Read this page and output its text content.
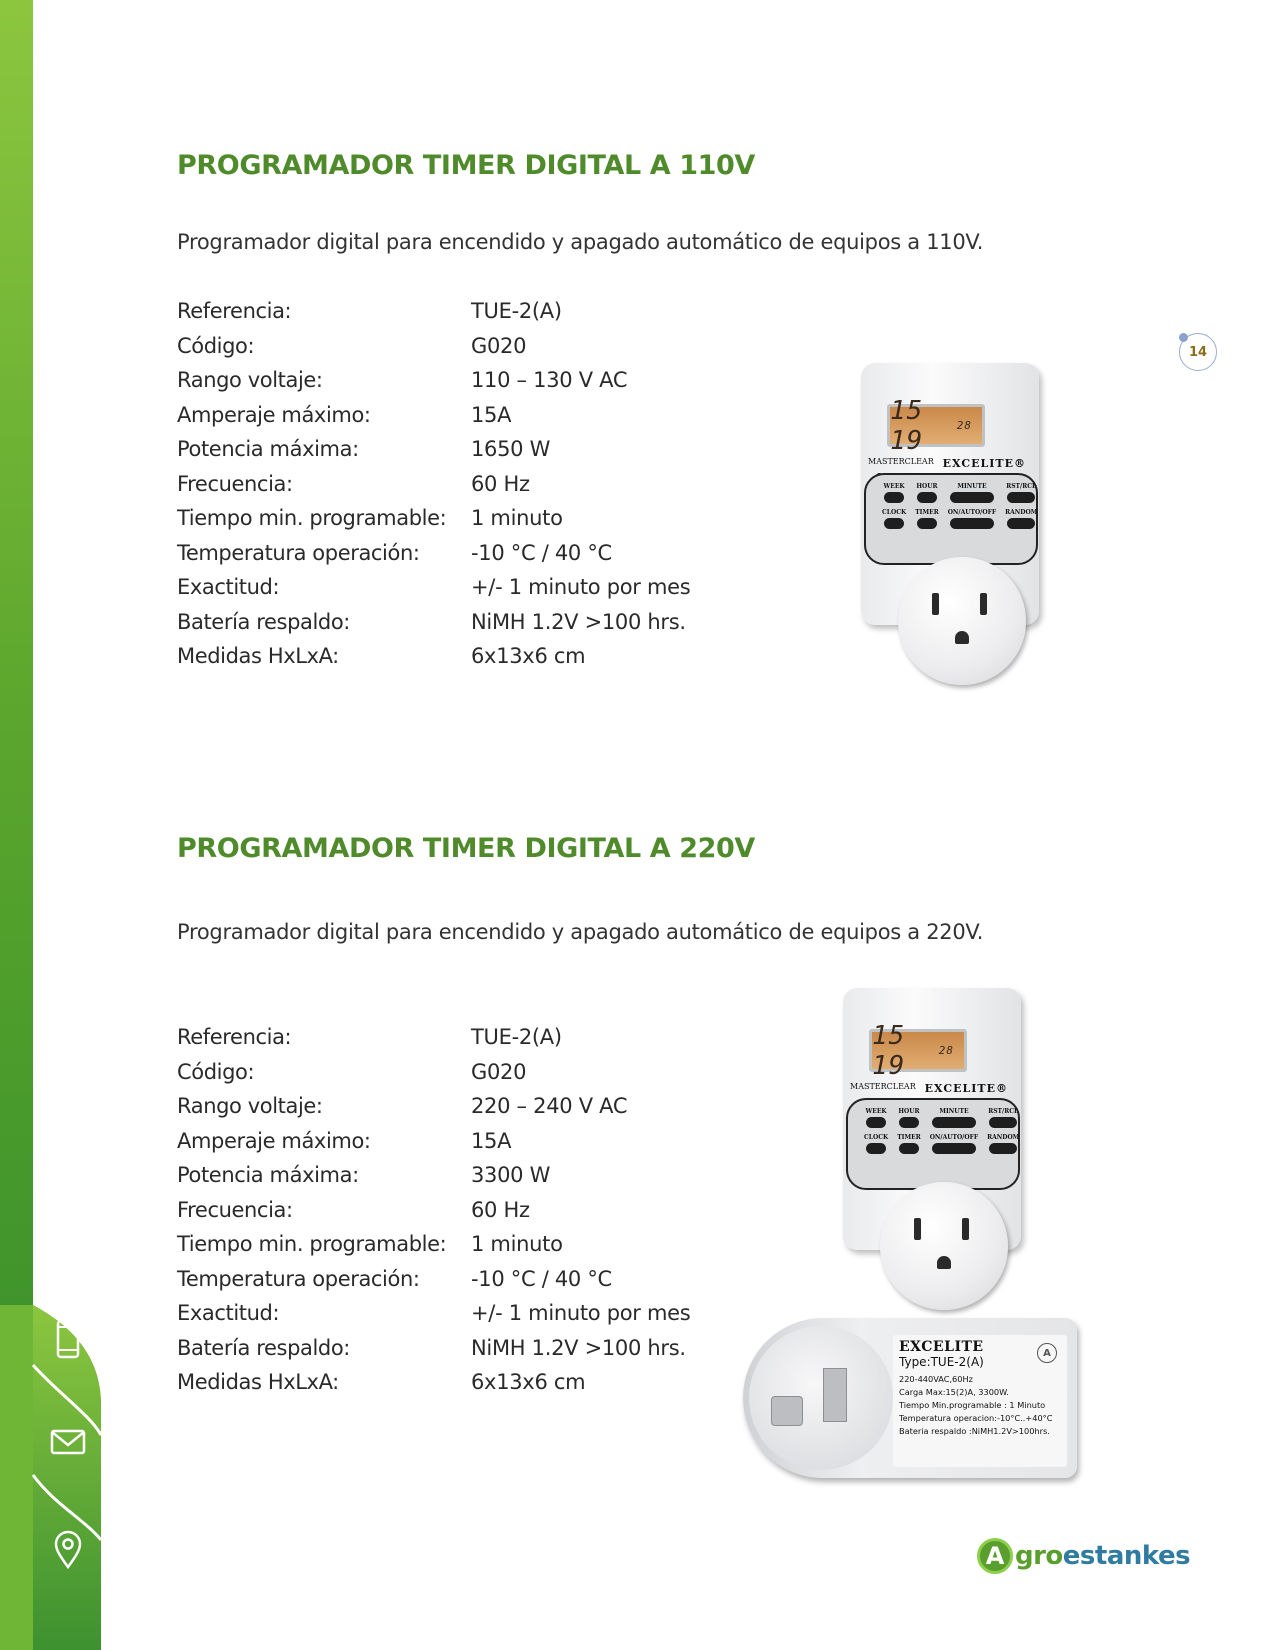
14
PROGRAMADOR TIMER DIGITAL A 110V

Programador digital para encendido y apagado automático de equipos a 110V.

Referencia:	TUE-2(A)
Código:	G020
Rango voltaje:	110 – 130 V AC
Amperaje máximo:	15A
Potencia máxima:	1650 W
Frecuencia:	60 Hz
Tiempo min. programable:	1 minuto
Temperatura operación:	-10 °C / 40 °C
Exactitud:	+/- 1 minuto por mes
Batería respaldo:	NiMH 1.2V >100 hrs.
Medidas HxLxA:	6x13x6 cm
15 19	28
MASTERCLEAR EXCELITE®
WEEK HOUR	MINUTE	RST/RCL
CLOCK TIMER ON/AUTO/OFF RANDOM
PROGRAMADOR TIMER DIGITAL A 220V

Programador digital para encendido y apagado automático de equipos a 220V.

Referencia:	TUE-2(A)
Código:	G020
Rango voltaje:	220 – 240 V AC
Amperaje máximo:	15A
Potencia máxima:	3300 W
Frecuencia:	60 Hz
Tiempo min. programable:	1 minuto
Temperatura operación:	-10 °C / 40 °C
Exactitud:	+/- 1 minuto por mes
Batería respaldo:	NiMH 1.2V >100 hrs.
Medidas HxLxA:	6x13x6 cm
15 19	28
MASTERCLEAR EXCELITE®
WEEK HOUR	MINUTE	RST/RCL
CLOCK TIMER ON/AUTO/OFF RANDOM
A
EXCELITE
Type:TUE-2(A)
220-440VAC,60Hz
Carga Max:15(2)A, 3300W.
Tiempo Min.programable : 1 Minuto
Temperatura operacion:-10°C..+40°C
Bateria respaldo :NiMH1.2V>100hrs.
A groestankes
